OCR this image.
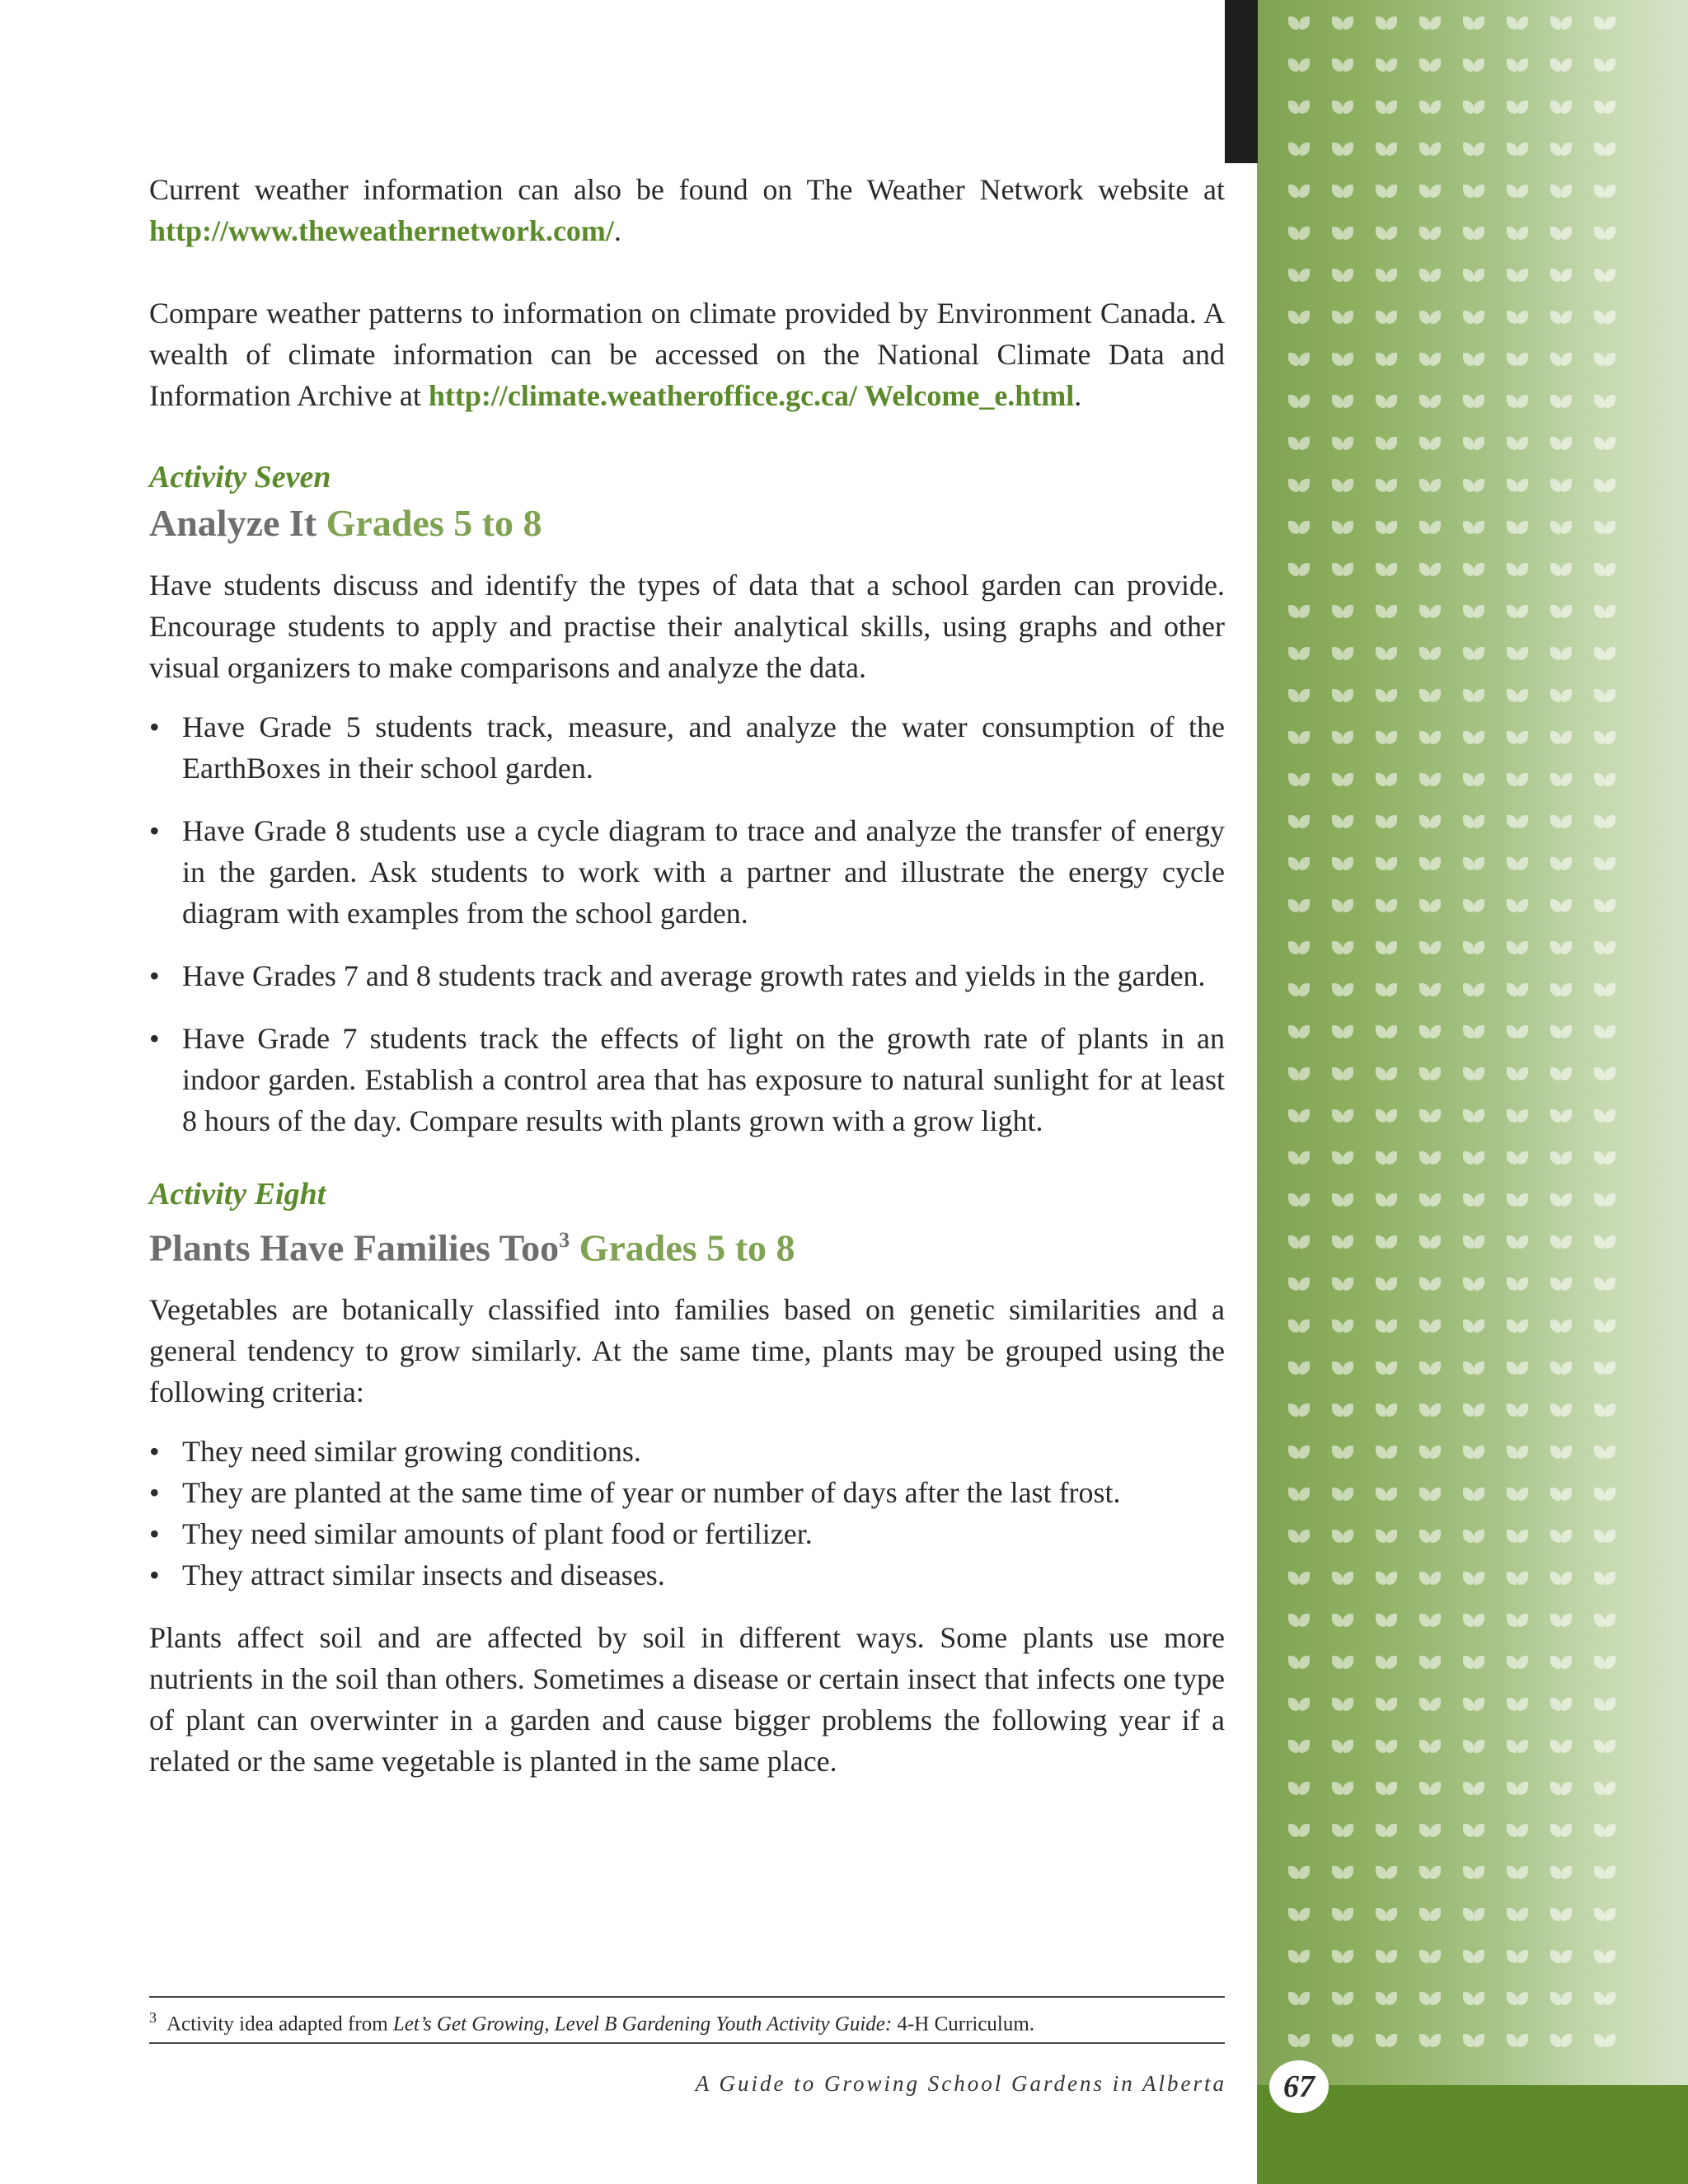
67

Current weather information can also be found on The Weather Network website at http://www.theweathernetwork.com/.

Compare weather patterns to information on climate provided by Environment Canada. A wealth of climate information can be accessed on the National Climate Data and Information Archive at http://climate.weatheroffice.gc.ca/ Welcome_e.html.

Activity Seven
Analyze It Grades 5 to 8

Have students discuss and identify the types of data that a school garden can provide. Encourage students to apply and practise their analytical skills, using graphs and other visual organizers to make comparisons and analyze the data.

• Have Grade 5 students track, measure, and analyze the water consumption of the EarthBoxes in their school garden.
• Have Grade 8 students use a cycle diagram to trace and analyze the transfer of energy in the garden. Ask students to work with a partner and illustrate the energy cycle diagram with examples from the school garden.
• Have Grades 7 and 8 students track and average growth rates and yields in the garden.
• Have Grade 7 students track the effects of light on the growth rate of plants in an indoor garden. Establish a control area that has exposure to natural sunlight for at least 8 hours of the day. Compare results with plants grown with a grow light.
Activity Eight
Plants Have Families Too$^3$ Grades 5 to 8

Vegetables are botanically classified into families based on genetic similarities and a general tendency to grow similarly. At the same time, plants may be grouped using the following criteria:

• They need similar growing conditions.
• They are planted at the same time of year or number of days after the last frost.
• They need similar amounts of plant food or fertilizer.
• They attract similar insects and diseases.

Plants affect soil and are affected by soil in different ways. Some plants use more nutrients in the soil than others. Sometimes a disease or certain insect that infects one type of plant can overwinter in a garden and cause bigger problems the following year if a related or the same vegetable is planted in the same place.

$^3$ Activity idea adapted from Let’s Get Growing, Level B Gardening Youth Activity Guide: 4-H Curriculum.
A Guide to Growing School Gardens in Alberta
